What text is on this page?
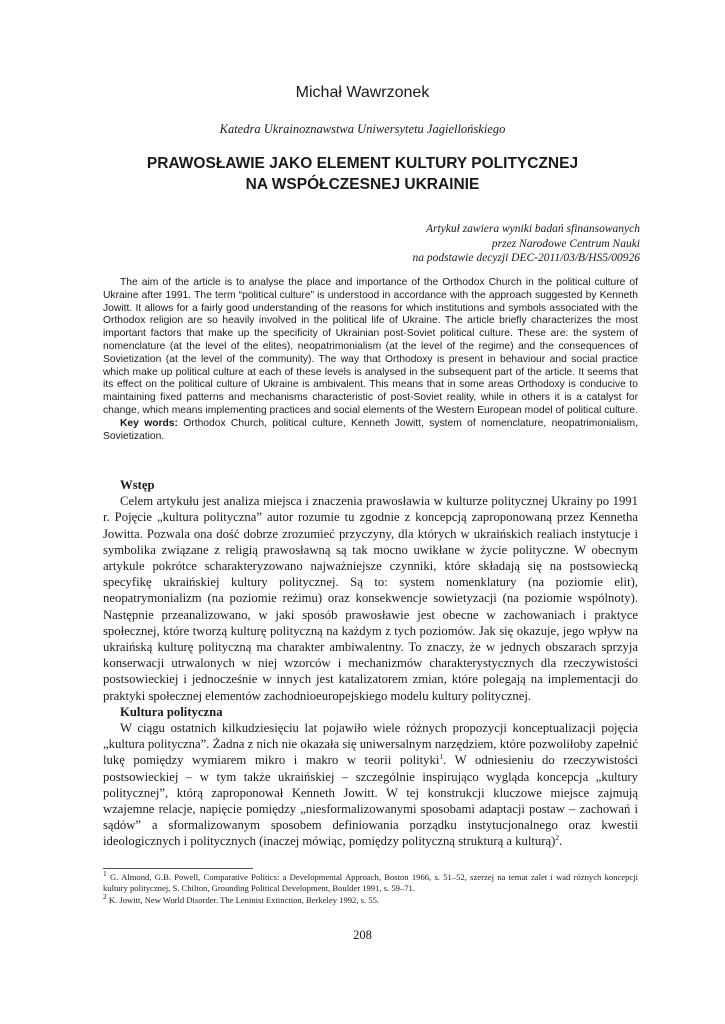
Michał Wawrzonek
Katedra Ukrainoznawstwa Uniwersytetu Jagiellońskiego
PRAWOSŁAWIE JAKO ELEMENT KULTURY POLITYCZNEJ
NA WSPÓŁCZESNEJ UKRAINIE
Artykuł zawiera wyniki badań sfinansowanych
przez Narodowe Centrum Nauki
na podstawie decyzji DEC-2011/03/B/HS5/00926

The aim of the article is to analyse the place and importance of the Orthodox Church in the political culture of Ukraine after 1991. The term “political culture” is understood in accordance with the approach suggested by Kenneth Jowitt. It allows for a fairly good understanding of the reasons for which institutions and symbols associated with the Orthodox religion are so heavily involved in the political life of Ukraine. The article briefly characterizes the most important factors that make up the specificity of Ukrainian post-Soviet political culture. These are: the system of nomenclature (at the level of the elites), neopatrimonialism (at the level of the regime) and the consequences of Sovietization (at the level of the community). The way that Orthodoxy is present in behaviour and social practice which make up political culture at each of these levels is analysed in the subsequent part of the article. It seems that its effect on the political culture of Ukraine is ambivalent. This means that in some areas Orthodoxy is conducive to maintaining fixed patterns and mechanisms characteristic of post-Soviet reality, while in others it is a catalyst for change, which means implementing practices and social elements of the Western European model of political culture.

Key words: Orthodox Church, political culture, Kenneth Jowitt, system of nomenclature, neopatrimonialism, Sovietization.

Wstęp

Celem artykułu jest analiza miejsca i znaczenia prawosławia w kulturze politycznej Ukrainy po 1991 r. Pojęcie „kultura polityczna” autor rozumie tu zgodnie z koncepcją zaproponowaną przez Kennetha Jowitta. Pozwala ona dość dobrze zrozumieć przyczyny, dla których w ukraińskich realiach instytucje i symbolika związane z religią prawosławną są tak mocno uwikłane w życie polityczne. W obecnym artykule pokrótce scharakteryzowano najważniejsze czynniki, które składają się na postsowiecką specyfikę ukraińskiej kultury politycznej. Są to: system nomenklatury (na poziomie elit), neopatrymonializm (na poziomie reżimu) oraz konsekwencje sowietyzacji (na poziomie wspólnoty). Następnie przeanalizowano, w jaki sposób prawosławie jest obecne w zachowaniach i praktyce społecznej, które tworzą kulturę polityczną na każdym z tych poziomów. Jak się okazuje, jego wpływ na ukraińską kulturę polityczną ma charakter ambiwalentny. To znaczy, że w jednych obszarach sprzyja konserwacji utrwalonych w niej wzorców i mechanizmów charakterystycznych dla rzeczywistości postsowieckiej i jednocześnie w innych jest katalizatorem zmian, które polegają na implementacji do praktyki społecznej elementów zachodnioeuropejskiego modelu kultury politycznej.

Kultura polityczna

W ciągu ostatnich kilkudziesięciu lat pojawiło wiele różnych propozycji konceptualizacji pojęcia „kultura polityczna”. Żadna z nich nie okazała się uniwersalnym narzędziem, które pozwoliłoby zapełnić lukę pomiędzy wymiarem mikro i makro w teorii polityki$^1$. W odniesieniu do rzeczywistości postsowieckiej – w tym także ukraińskiej – szczególnie inspirująco wygląda koncepcja „kultury politycznej”, którą zaproponował Kenneth Jowitt. W tej konstrukcji kluczowe miejsce zajmują wzajemne relacje, napięcie pomiędzy „niesformalizowanymi sposobami adaptacji postaw – zachowań i sądów” a sformalizowanym sposobem definiowania porządku instytucjonalnego oraz kwestii ideologicznych i politycznych (inaczej mówiąc, pomiędzy polityczną strukturą a kulturą)$^2$.

$^1$ G. Almond, G.B. Powell, Comparative Politics: a Developmental Approach, Boston 1966, s. 51–52, szerzej na temat zalet i wad różnych koncepcji kultury politycznej, S. Chilton, Grounding Political Development, Boulder 1991, s. 59–71.

$^2$ K. Jowitt, New World Disorder. The Leninist Extinction, Berkeley 1992, s. 55.

208
